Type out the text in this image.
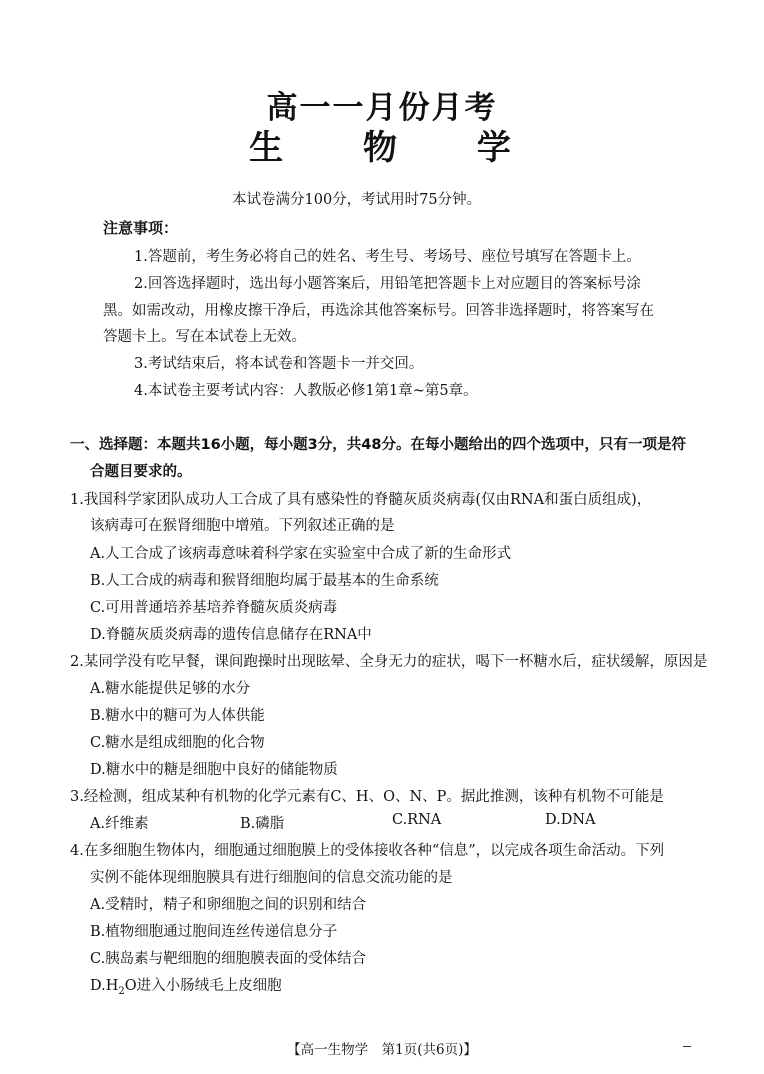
高一一月份月考
生 物 学
本试卷满分100分，考试用时75分钟。
注意事项：
1.答题前，考生务必将自己的姓名、考生号、考场号、座位号填写在答题卡上。
2.回答选择题时，选出每小题答案后，用铅笔把答题卡上对应题目的答案标号涂
黑。如需改动，用橡皮擦干净后，再选涂其他答案标号。回答非选择题时，将答案写在
答题卡上。写在本试卷上无效。
3.考试结束后，将本试卷和答题卡一并交回。
4.本试卷主要考试内容：人教版必修1第1章~第5章。
一、选择题：本题共16小题，每小题3分，共48分。在每小题给出的四个选项中，只有一项是符
合题目要求的。
1.我国科学家团队成功人工合成了具有感染性的脊髓灰质炎病毒(仅由RNA和蛋白质组成)，
该病毒可在猴肾细胞中增殖。下列叙述正确的是
A.人工合成了该病毒意味着科学家在实验室中合成了新的生命形式
B.人工合成的病毒和猴肾细胞均属于最基本的生命系统
C.可用普通培养基培养脊髓灰质炎病毒
D.脊髓灰质炎病毒的遗传信息储存在RNA中
2.某同学没有吃早餐，课间跑操时出现眩晕、全身无力的症状，喝下一杯糖水后，症状缓解，原因是
A.糖水能提供足够的水分
B.糖水中的糖可为人体供能
C.糖水是组成细胞的化合物
D.糖水中的糖是细胞中良好的储能物质
3.经检测，组成某种有机物的化学元素有C、H、O、N、P。据此推测，该种有机物不可能是
A.纤维素	B.磷脂	C.RNA	D.DNA
4.在多细胞生物体内，细胞通过细胞膜上的受体接收各种“信息”，以完成各项生命活动。下列
实例不能体现细胞膜具有进行细胞间的信息交流功能的是
A.受精时，精子和卵细胞之间的识别和结合
B.植物细胞通过胞间连丝传递信息分子
C.胰岛素与靶细胞的细胞膜表面的受体结合
$D.H_2O$进入小肠绒毛上皮细胞
【高一生物学　第1页(共6页)】
